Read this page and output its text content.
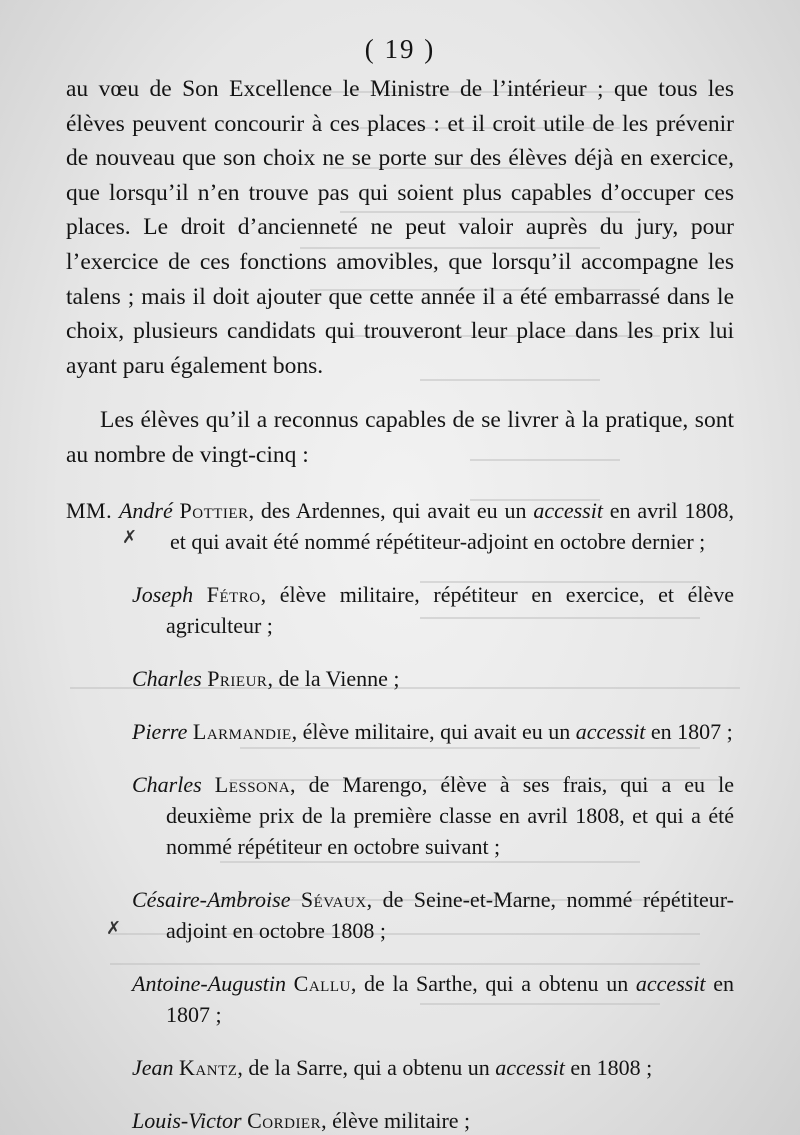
( 19 )

au vœu de Son Excellence le Ministre de l’intérieur ; que tous les élèves peuvent concourir à ces places : et il croit utile de les prévenir de nouveau que son choix ne se porte sur des élèves déjà en exercice, que lorsqu’il n’en trouve pas qui soient plus capables d’occuper ces places. Le droit d’ancienneté ne peut valoir auprès du jury, pour l’exercice de ces fonctions amovibles, que lorsqu’il accompagne les talens ; mais il doit ajouter que cette année il a été embarrassé dans le choix, plusieurs candidats qui trouveront leur place dans les prix lui ayant paru également bons.

Les élèves qu’il a reconnus capables de se livrer à la pratique, sont au nombre de vingt-cinq :

MM. André Pottier, des Ardennes, qui avait eu un accessit en avril 1808, et qui avait été nommé répétiteur-adjoint en octobre dernier ;

Joseph Fétro, élève militaire, répétiteur en exercice, et élève agriculteur ;

Charles Prieur, de la Vienne ;

Pierre Larmandie, élève militaire, qui avait eu un accessit en 1807 ;

Charles Lessona, de Marengo, élève à ses frais, qui a eu le deuxième prix de la première classe en avril 1808, et qui a été nommé répétiteur en octobre suivant ;

Césaire-Ambroise Sévaux, de Seine-et-Marne, nommé répétiteur-adjoint en octobre 1808 ;

Antoine-Augustin Callu, de la Sarthe, qui a obtenu un accessit en 1807 ;

Jean Kantz, de la Sarre, qui a obtenu un accessit en 1808 ;

Louis-Victor Cordier, élève militaire ;

✗
✗
